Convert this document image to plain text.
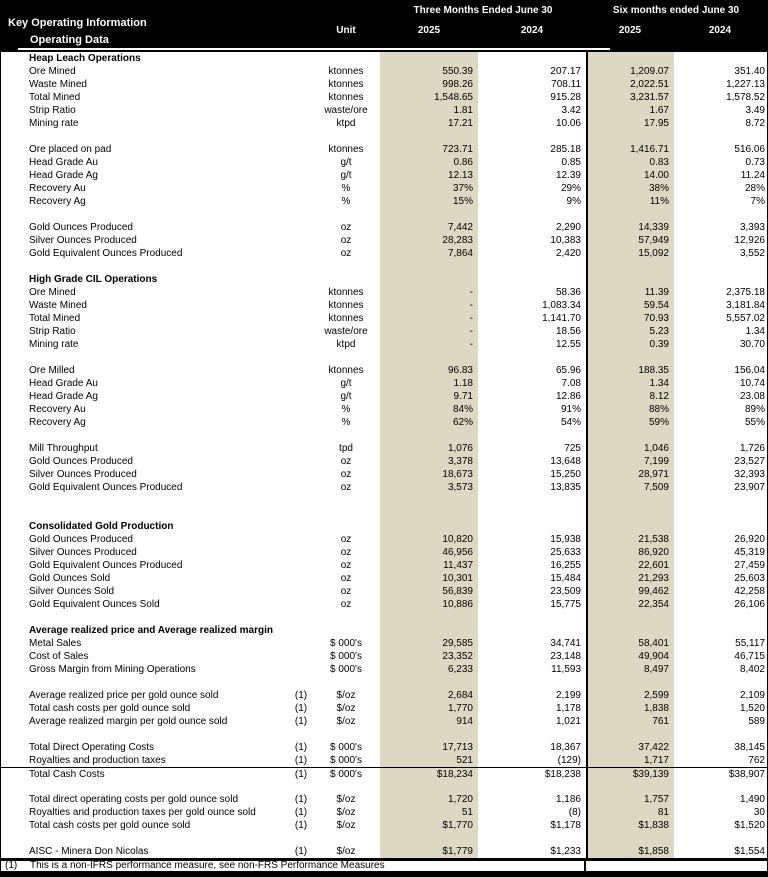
Key Operating Information
Operating Data
Three Months Ended June 30	Six months ended June 30
Unit	2025	2024	2025	2024
Heap Leach Operations
Ore Mined	ktonnes	550.39	207.17	1,209.07	351.40
Waste Mined	ktonnes	998.26	708.11	2,022.51	1,227.13
Total Mined	ktonnes	1,548.65	915.28	3,231.57	1,578.52
Strip Ratio	waste/ore	1.81	3.42	1.67	3.49
Mining rate	ktpd	17.21	10.06	17.95	8.72
Ore placed on pad	ktonnes	723.71	285.18	1,416.71	516.06
Head Grade Au	g/t	0.86	0.85	0.83	0.73
Head Grade Ag	g/t	12.13	12.39	14.00	11.24
Recovery Au	%	37%	29%	38%	28%
Recovery Ag	%	15%	9%	11%	7%
Gold Ounces Produced	oz	7,442	2,290	14,339	3,393
Silver Ounces Produced	oz	28,283	10,383	57,949	12,926
Gold Equivalent Ounces Produced	oz	7,864	2,420	15,092	3,552
High Grade CIL Operations
Ore Mined	ktonnes	-	58.36	11.39	2,375.18
Waste Mined	ktonnes	-	1,083.34	59.54	3,181.84
Total Mined	ktonnes	-	1,141.70	70.93	5,557.02
Strip Ratio	waste/ore	-	18.56	5.23	1.34
Mining rate	ktpd	-	12.55	0.39	30.70
Ore Milled	ktonnes	96.83	65.96	188.35	156.04
Head Grade Au	g/t	1.18	7.08	1.34	10.74
Head Grade Ag	g/t	9.71	12.86	8.12	23.08
Recovery Au	%	84%	91%	88%	89%
Recovery Ag	%	62%	54%	59%	55%
Mill Throughput	tpd	1,076	725	1,046	1,726
Gold Ounces Produced	oz	3,378	13,648	7,199	23,527
Silver Ounces Produced	oz	18,673	15,250	28,971	32,393
Gold Equivalent Ounces Produced	oz	3,573	13,835	7,509	23,907
Consolidated Gold Production
Gold Ounces Produced	oz	10,820	15,938	21,538	26,920
Silver Ounces Produced	oz	46,956	25,633	86,920	45,319
Gold Equivalent Ounces Produced	oz	11,437	16,255	22,601	27,459
Gold Ounces Sold	oz	10,301	15,484	21,293	25,603
Silver Ounces Sold	oz	56,839	23,509	99,462	42,258
Gold Equivalent Ounces Sold	oz	10,886	15,775	22,354	26,106
Average realized price and Average realized margin
Metal Sales	$ 000's	29,585	34,741	58,401	55,117
Cost of Sales	$ 000's	23,352	23,148	49,904	46,715
Gross Margin from Mining Operations	$ 000's	6,233	11,593	8,497	8,402
Average realized price per gold ounce sold	(1)	$/oz	2,684	2,199	2,599	2,109
Total cash costs per gold ounce sold	(1)	$/oz	1,770	1,178	1,838	1,520
Average realized margin per gold ounce sold	(1)	$/oz	914	1,021	761	589
Total Direct Operating Costs	(1)	$ 000's	17,713	18,367	37,422	38,145
Royalties and production taxes	(1)	$ 000's	521	(129)	1,717	762
Total Cash Costs	(1)	$ 000's	$18,234	$18,238	$39,139	$38,907
Total direct operating costs per gold ounce sold	(1)	$/oz	1,720	1,186	1,757	1,490
Royalties and production taxes per gold ounce sold	(1)	$/oz	51	(8)	81	30
Total cash costs per gold ounce sold	(1)	$/oz	$1,770	$1,178	$1,838	$1,520
AISC - Minera Don Nicolas	(1)	$/oz	$1,779	$1,233	$1,858	$1,554
(1) This is a non-IFRS performance measure, see non-FRS Performance Measures
